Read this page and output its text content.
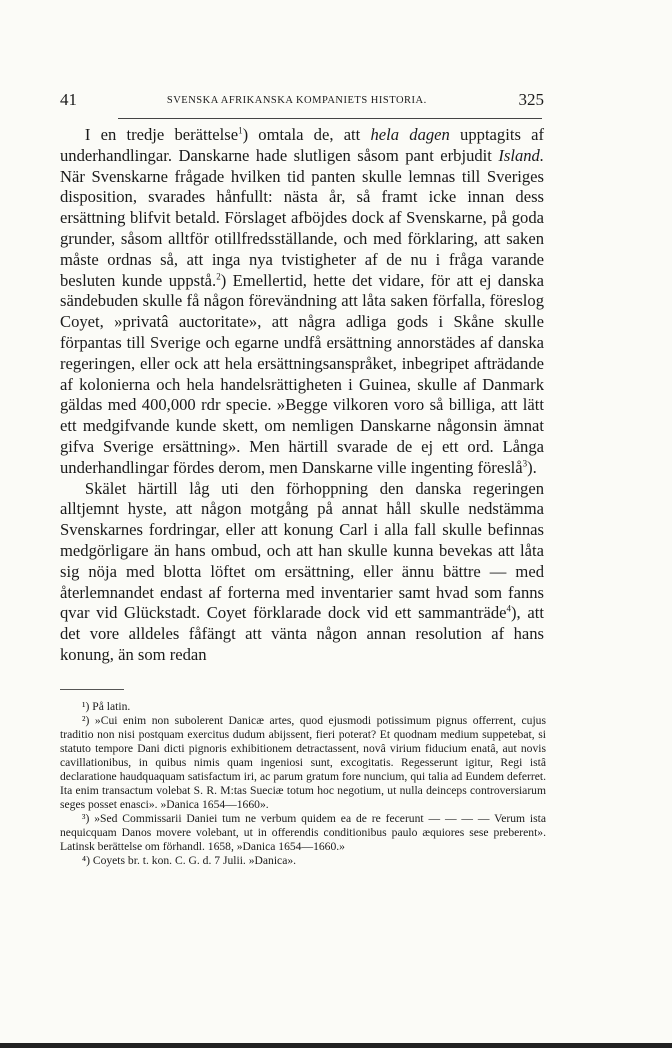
41	SVENSKA AFRIKANSKA KOMPANIETS HISTORIA.	325

I en tredje berättelse$^1$) omtala de, att hela dagen upptagits af underhandlingar. Danskarne hade slutligen såsom pant erbjudit Island. När Svenskarne frågade hvilken tid panten skulle lemnas till Sveriges disposition, svarades hånfullt: nästa år, så framt icke innan dess ersättning blifvit betald. Förslaget afböjdes dock af Svenskarne, på goda grunder, såsom alltför otillfredsställande, och med förklaring, att saken måste ordnas så, att inga nya tvistigheter af de nu i fråga varande besluten kunde uppstå.$^2$) Emellertid, hette det vidare, för att ej danska sändebuden skulle få någon förevändning att låta saken förfalla, föreslog Coyet, »privatâ auctoritate», att några adliga gods i Skåne skulle förpantas till Sverige och egarne undfå ersättning annorstädes af danska regeringen, eller ock att hela ersättningsanspråket, inbegripet afträdande af kolonierna och hela handelsrättigheten i Guinea, skulle af Danmark gäldas med 400,000 rdr specie. »Begge vilkoren voro så billiga, att lätt ett medgifvande kunde skett, om nemligen Danskarne någonsin ämnat gifva Sverige ersättning». Men härtill svarade de ej ett ord. Långa underhandlingar fördes derom, men Danskarne ville ingenting föreslå$^3$).

Skälet härtill låg uti den förhoppning den danska regeringen alltjemnt hyste, att någon motgång på annat håll skulle nedstämma Svenskarnes fordringar, eller att konung Carl i alla fall skulle befinnas medgörligare än hans ombud, och att han skulle kunna bevekas att låta sig nöja med blotta löftet om ersättning, eller ännu bättre — med återlemnandet endast af forterna med inventarier samt hvad som fanns qvar vid Glückstadt. Coyet förklarade dock vid ett sammanträde$^4$), att det vore alldeles fåfängt att vänta någon annan resolution af hans konung, än som redan

¹) På latin.

²) »Cui enim non subolerent Danicæ artes, quod ejusmodi potissimum pignus offerrent, cujus traditio non nisi postquam exercitus dudum abijssent, fieri poterat? Et quodnam medium suppetebat, si statuto tempore Dani dicti pignoris exhibitionem detractassent, novâ virium fiducium enatâ, aut novis cavillationibus, in quibus nimis quam ingeniosi sunt, excogitatis. Regesserunt igitur, Regi istâ declaratione haudquaquam satisfactum iri, ac parum gratum fore nuncium, qui talia ad Eundem deferret. Ita enim transactum volebat S. R. M:tas Sueciæ totum hoc negotium, ut nulla deinceps controversiarum seges posset enasci». »Danica 1654—1660».

³) »Sed Commissarii Daniei tum ne verbum quidem ea de re fecerunt — — — — Verum ista nequicquam Danos movere volebant, ut in offerendis conditionibus paulo æquiores sese preberent». Latinsk berättelse om förhandl. 1658, »Danica 1654—1660.»

⁴) Coyets br. t. kon. C. G. d. 7 Julii. »Danica».
